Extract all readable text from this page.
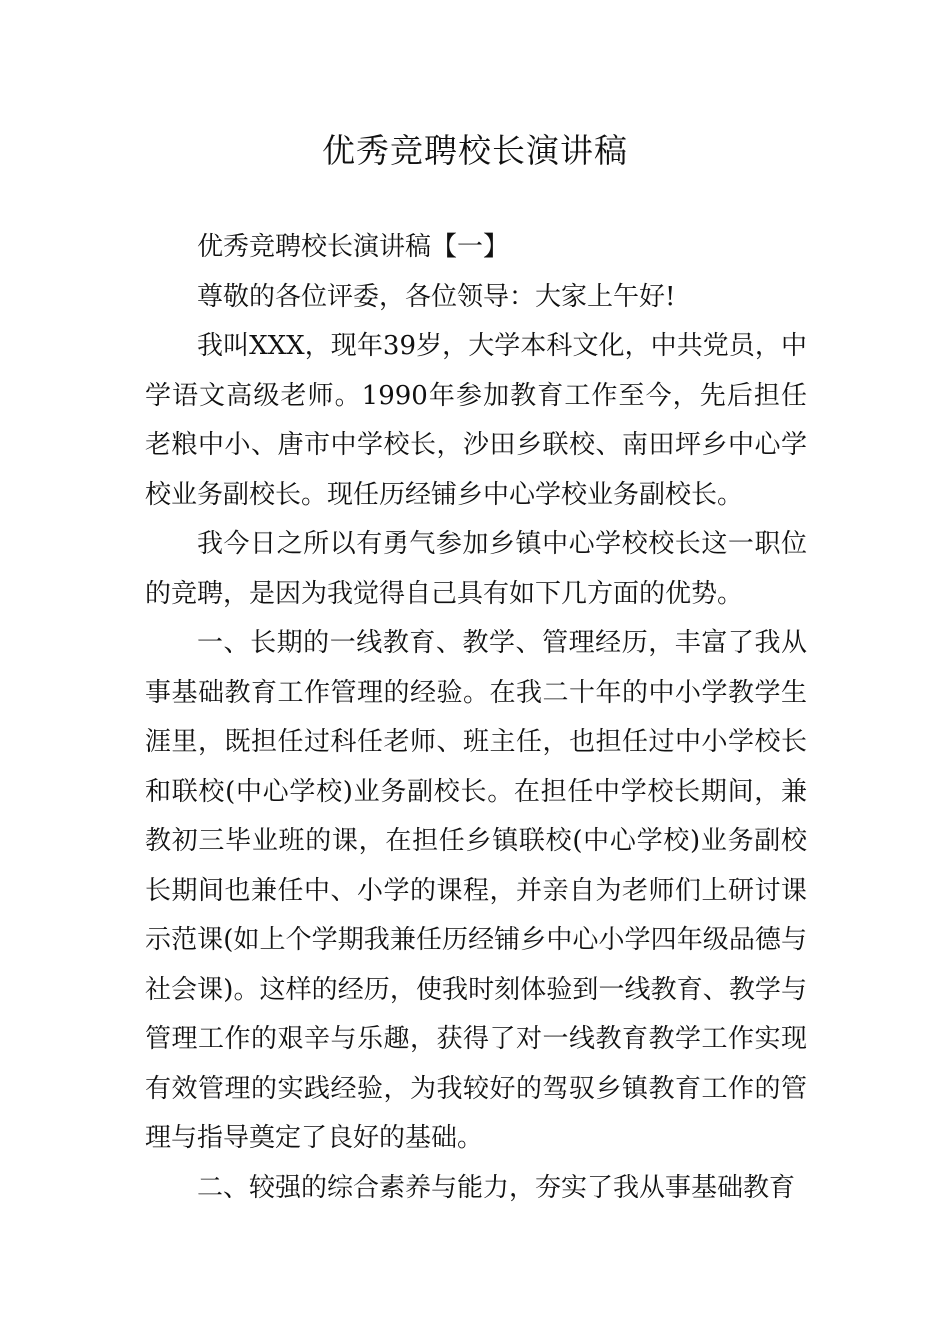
优秀竞聘校长演讲稿

优秀竞聘校长演讲稿【一】

尊敬的各位评委，各位领导：大家上午好!

我叫XXX，现年39岁，大学本科文化，中共党员，中学语文高级老师。1990年参加教育工作至今，先后担任老粮中小、唐市中学校长，沙田乡联校、南田坪乡中心学校业务副校长。现任历经铺乡中心学校业务副校长。

我今日之所以有勇气参加乡镇中心学校校长这一职位的竞聘，是因为我觉得自己具有如下几方面的优势。

一、长期的一线教育、教学、管理经历，丰富了我从事基础教育工作管理的经验。在我二十年的中小学教学生涯里，既担任过科任老师、班主任，也担任过中小学校长和联校(中心学校)业务副校长。在担任中学校长期间，兼教初三毕业班的课，在担任乡镇联校(中心学校)业务副校长期间也兼任中、小学的课程，并亲自为老师们上研讨课示范课(如上个学期我兼任历经铺乡中心小学四年级品德与社会课)。这样的经历，使我时刻体验到一线教育、教学与管理工作的艰辛与乐趣，获得了对一线教育教学工作实现有效管理的实践经验，为我较好的驾驭乡镇教育工作的管理与指导奠定了良好的基础。

二、较强的综合素养与能力，夯实了我从事基础教育
